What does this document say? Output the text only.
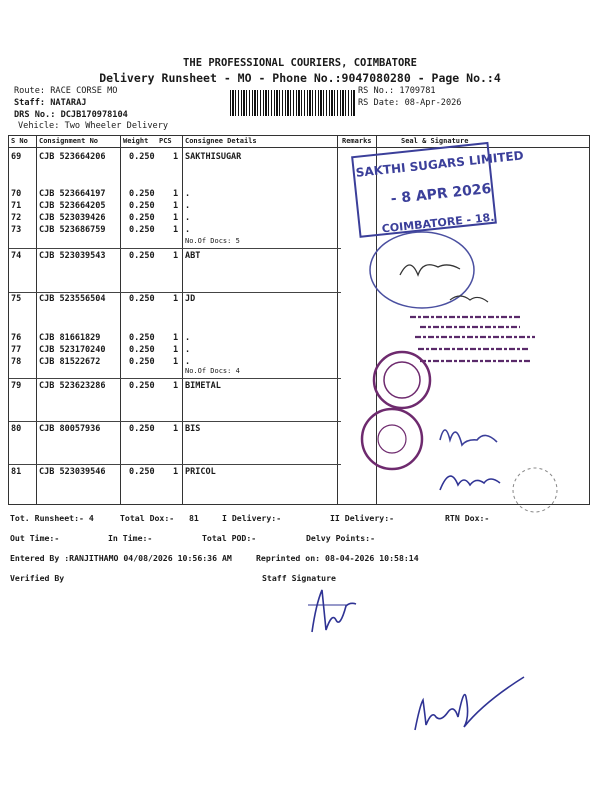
THE PROFESSIONAL COURIERS, COIMBATORE
Delivery Runsheet - MO - Phone No.:9047080280 - Page No.:4
Route: RACE CORSE MO
Staff: NATARAJ
DRS No.: DCJB170978104
Vehicle: Two Wheeler Delivery
RS No.: 1709781
RS Date: 08-Apr-2026
S No Consignment No	Weight PCS Consignee Details	Remarks	Seal & Signature
69 CJB 523664206	0.250 1 SAKTHISUGAR
70 CJB 523664197	0.250 1 .
71 CJB 523664205	0.250 1 .
72 CJB 523039426	0.250 1 .
73 CJB 523686759	0.250 1 .
74 CJB 523039543	0.250 1 ABT
75 CJB 523556504	0.250 1 JD
76 CJB 81661829	0.250 1 .
77 CJB 523170240	0.250 1 .
78 CJB 81522672	0.250 1 .
79 CJB 523623286	0.250 1 BIMETAL
80 CJB 80057936	0.250 1 BIS
81 CJB 523039546	0.250 1 PRICOL
No.Of Docs: 5
No.Of Docs: 4
SAKTHI SUGARS LIMITED
- 8 APR 2026
COIMBATORE - 18.
Tot. Runsheet:- 4	Total Dox:- 81	I Delivery:-	II Delivery:-	RTN Dox:-
Out Time:-	In Time:-	Total POD:-	Delvy Points:-
Entered By :RANJITHAMO 04/08/2026 10:56:36 AM	Reprinted on: 08-04-2026 10:58:14
Verified By	Staff Signature
